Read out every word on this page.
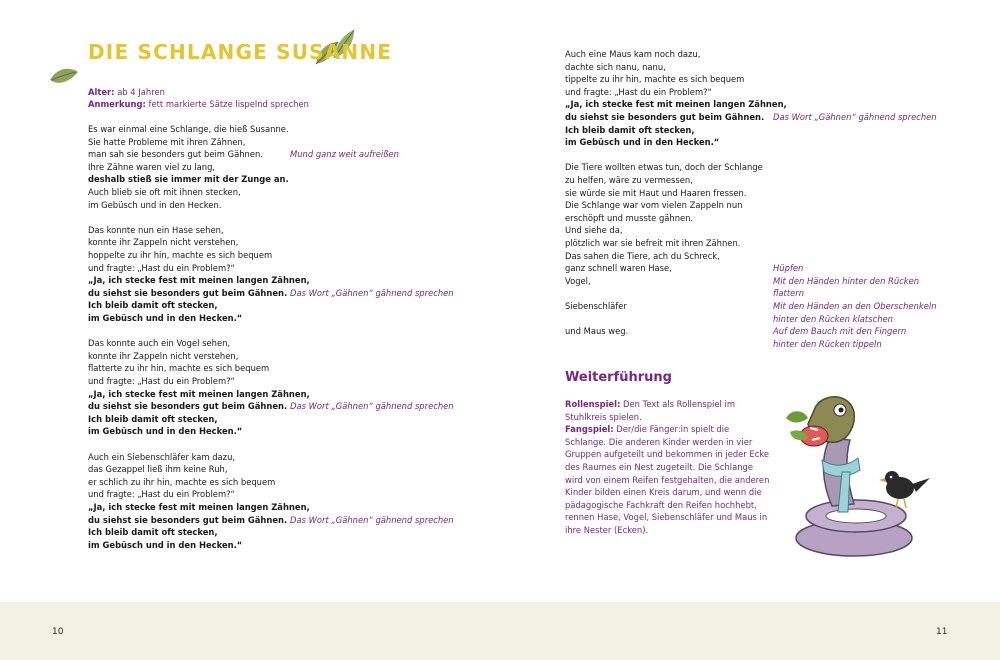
10	11
DIE SCHLANGE SUSANNE
Alter: ab 4 Jahren
Anmerkung: fett markierte Sätze lispelnd sprechen
Mund ganz weit aufreißen
Es war einmal eine Schlange, die hieß Susanne.
Sie hatte Probleme mit ihren Zähnen,
man sah sie besonders gut beim Gähnen.
Ihre Zähne waren viel zu lang,
deshalb stieß sie immer mit der Zunge an.
Auch blieb sie oft mit ihnen stecken,
im Gebüsch und in den Hecken.
Das Wort „Gähnen“ gähnend sprechen
Das konnte nun ein Hase sehen,
konnte ihr Zappeln nicht verstehen,
hoppelte zu ihr hin, machte es sich bequem
und fragte: „Hast du ein Problem?“
„Ja, ich stecke fest mit meinen langen Zähnen,
du siehst sie besonders gut beim Gähnen.
Ich bleib damit oft stecken,
im Gebüsch und in den Hecken.“
Das Wort „Gähnen“ gähnend sprechen
Das konnte auch ein Vogel sehen,
konnte ihr Zappeln nicht verstehen,
flatterte zu ihr hin, machte es sich bequem
und fragte: „Hast du ein Problem?“
„Ja, ich stecke fest mit meinen langen Zähnen,
du siehst sie besonders gut beim Gähnen.
Ich bleib damit oft stecken,
im Gebüsch und in den Hecken.“
Das Wort „Gähnen“ gähnend sprechen
Auch ein Siebenschläfer kam dazu,
das Gezappel ließ ihm keine Ruh,
er schlich zu ihr hin, machte es sich bequem
und fragte: „Hast du ein Problem?“
„Ja, ich stecke fest mit meinen langen Zähnen,
du siehst sie besonders gut beim Gähnen.
Ich bleib damit oft stecken,
im Gebüsch und in den Hecken.“
Das Wort „Gähnen“ gähnend sprechen
Auch eine Maus kam noch dazu,
dachte sich nanu, nanu,
tippelte zu ihr hin, machte es sich bequem
und fragte: „Hast du ein Problem?“
„Ja, ich stecke fest mit meinen langen Zähnen,
du siehst sie besonders gut beim Gähnen.
Ich bleib damit oft stecken,
im Gebüsch und in den Hecken.“
Hüpfen
Mit den Händen hinter den Rücken
flattern
Mit den Händen an den Oberschenkeln
hinter den Rücken klatschen
Auf dem Bauch mit den Fingern
hinter den Rücken tippeln
Die Tiere wollten etwas tun, doch der Schlange
zu helfen, wäre zu vermessen,
sie würde sie mit Haut und Haaren fressen.
Die Schlange war vom vielen Zappeln nun
erschöpft und musste gähnen.
Und siehe da,
plötzlich war sie befreit mit ihren Zähnen.
Das sahen die Tiere, ach du Schreck,
ganz schnell waren Hase,
Vogel,
Siebenschläfer
und Maus weg.
Weiterführung
Rollenspiel: Den Text als Rollenspiel im Stuhlkreis spielen.
Fangspiel: Der/die Fänger:in spielt die Schlange. Die anderen Kinder werden in vier Gruppen aufgeteilt und bekommen in jeder Ecke des Raumes ein Nest zugeteilt. Die Schlange wird von einem Reifen festgehalten, die anderen Kinder bilden einen Kreis darum, und wenn die pädagogische Fachkraft den Reifen hochhebt, rennen Hase, Vogel, Siebenschläfer und Maus in ihre Nester (Ecken).
